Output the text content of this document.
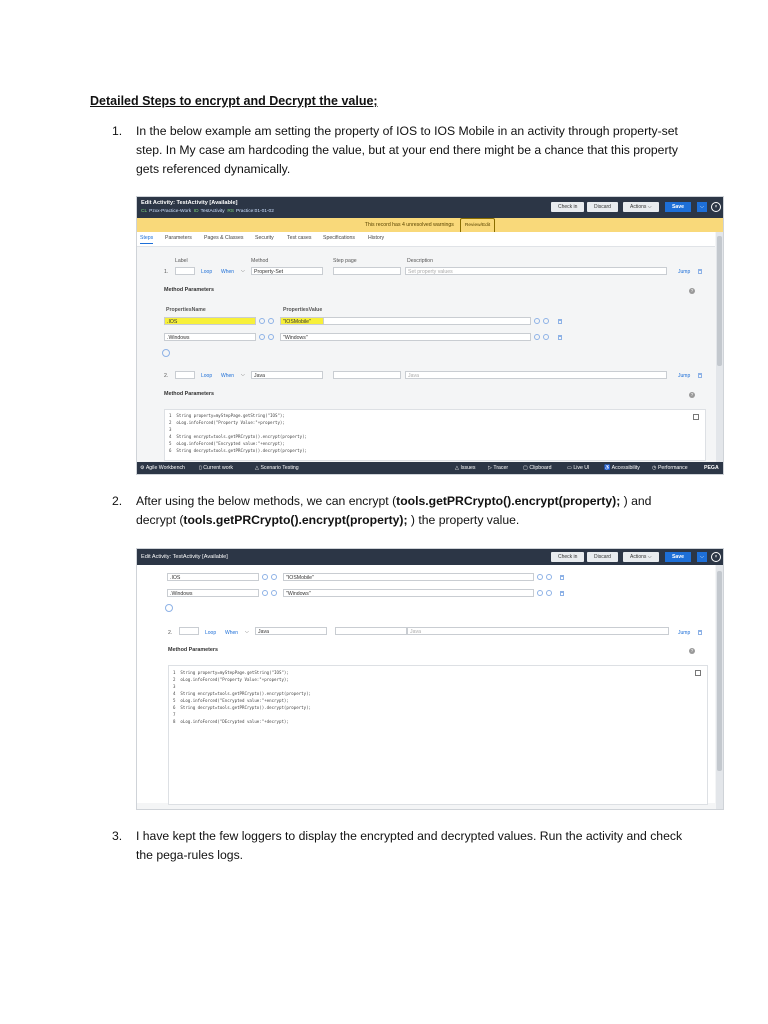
Detailed Steps to encrypt and Decrypt the value;
1. In the below example am setting the property of IOS to IOS Mobile in an activity through property-set step. In My case am hardcoding the value, but at your end there might be a chance that this property gets referenced dynamically.
2. After using the below methods, we can encrypt (tools.getPRCrypto().encrypt(property); ) and decrypt (tools.getPRCrypto().encrypt(property); ) the property value.
3. I have kept the few loggers to display the encrypted and decrypted values. Run the activity and check the pega-rules logs.
Edit Activity: TestActivity [Available]
CL Pzxx-Practice-Work ID TestActivity RS Practice:01-01-02
Check in	Discard	Actions ⌵	Save	⌵	×
This record has 4 unresolved warnings Review/Edit
Steps Parameters Pages & Classes Security	Test cases Specifications History
Label	Method	Step page	Description
1.	Loop When ⌵	Property-Set	Set property values	Jump
Method Parameters	?
PropertiesName	PropertiesValue
.IOS	"IOSMobile"
.Windows	"Windows"
2.	Loop When ⌵	Java	Java	Jump
Method Parameters	?
1  String property=myStepPage.getString("IOS");
2  oLog.infoForced("Property Value:"+property);
3
4  String encrypt=tools.getPRCrypto().encrypt(property);
5  oLog.infoForced("Encrypted value:"+encrypt);
6  String decrypt=tools.getPRCrypto().decrypt(property);
⚙ Agile Workbench	▯ Current work	△ Scenario Testing	△ Issues ▷ Tracer	▢ Clipboard	▭ Live UI	♿ Accessibility ◷ Performance	PEGA
Edit Activity: TestActivity [Available]	Check in	Discard	Actions ⌵	Save	⌵	×
.IOS	"IOSMobile"
.Windows	"Windows"
2.	Loop When ⌵	Java	Java	Jump
Method Parameters	?
1  String property=myStepPage.getString("IOS");
2  oLog.infoForced("Property Value:"+property);
3
4  String encrypt=tools.getPRCrypto().encrypt(property);
5  oLog.infoForced("Encrypted value:"+encrypt);
6  String decrypt=tools.getPRCrypto().decrypt(property);
7
8  oLog.infoForced("DEcrypted value:"+decrypt);
